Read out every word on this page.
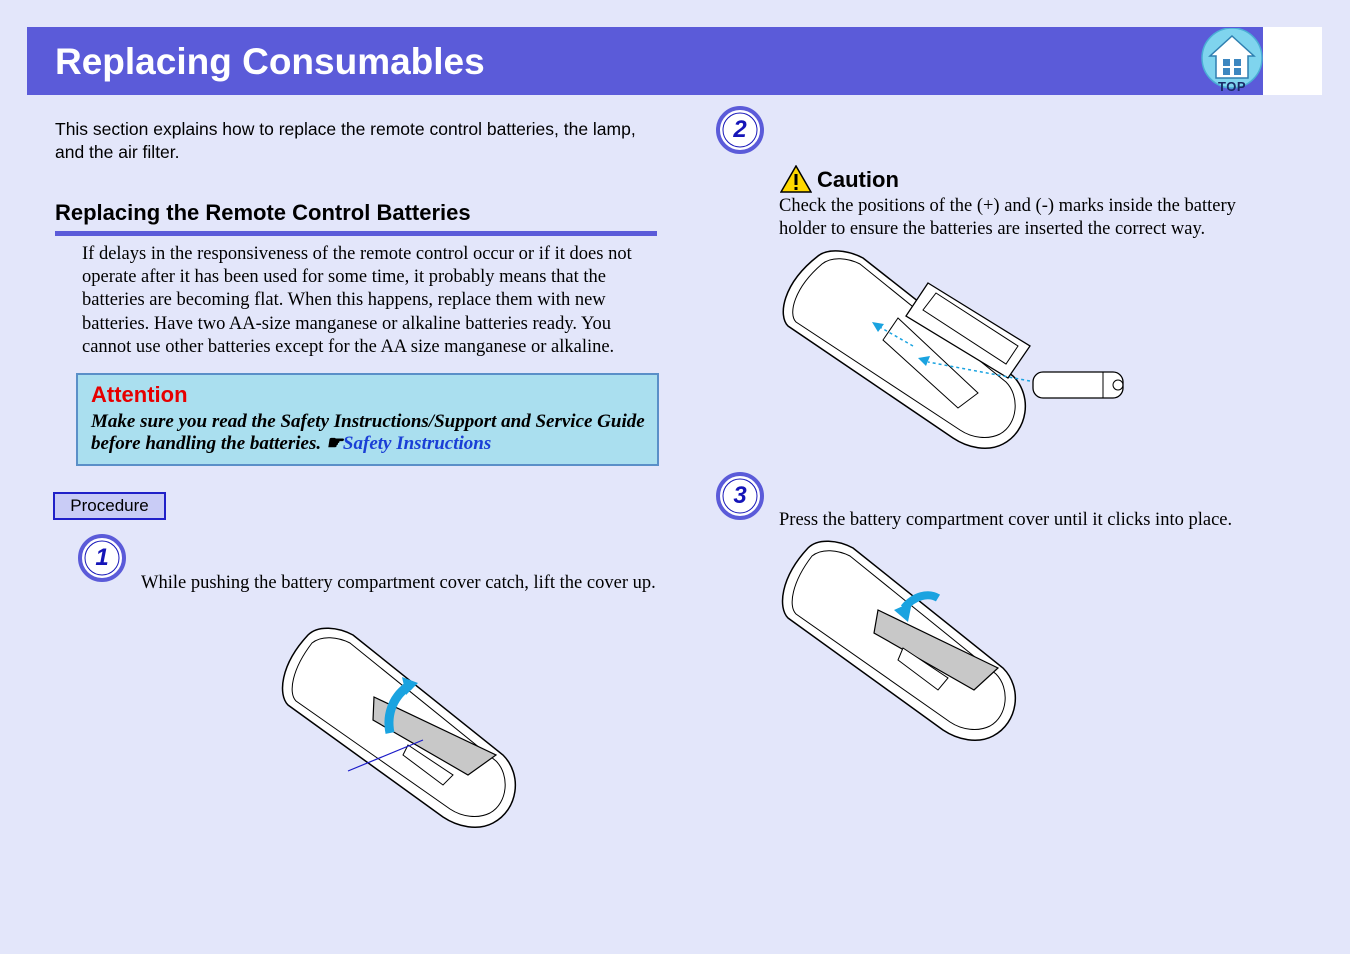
Replacing Consumables
TOP

This section explains how to replace the remote control batteries, the lamp, and the air filter.

Replacing the Remote Control Batteries

If delays in the responsiveness of the remote control occur or if it does not operate after it has been used for some time, it probably means that the batteries are becoming flat. When this happens, replace them with new batteries. Have two AA-size manganese or alkaline batteries ready. You cannot use other batteries except for the AA size manganese or alkaline.

Attention
Make sure you read the Safety Instructions/Support and Service Guide before handling the batteries. ☛Safety Instructions
Procedure
1

While pushing the battery compartment cover catch, lift the cover up.

2

Caution

Check the positions of the (+) and (-) marks inside the battery holder to ensure the batteries are inserted the correct way.

3

Press the battery compartment cover until it clicks into place.
